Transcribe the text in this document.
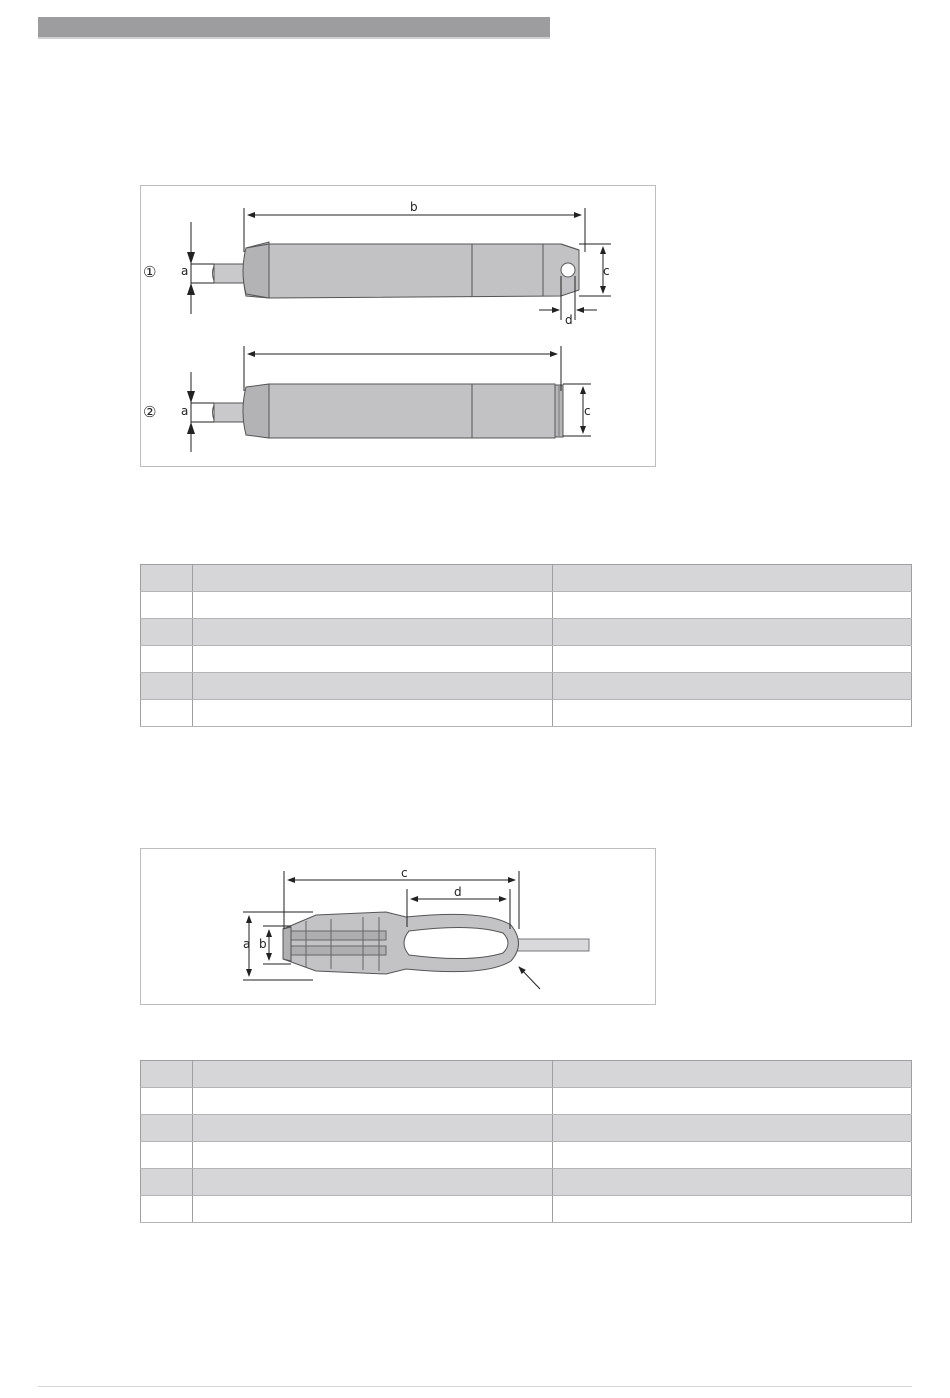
b
a	c
d
①
a	c
②

c
d
a b
